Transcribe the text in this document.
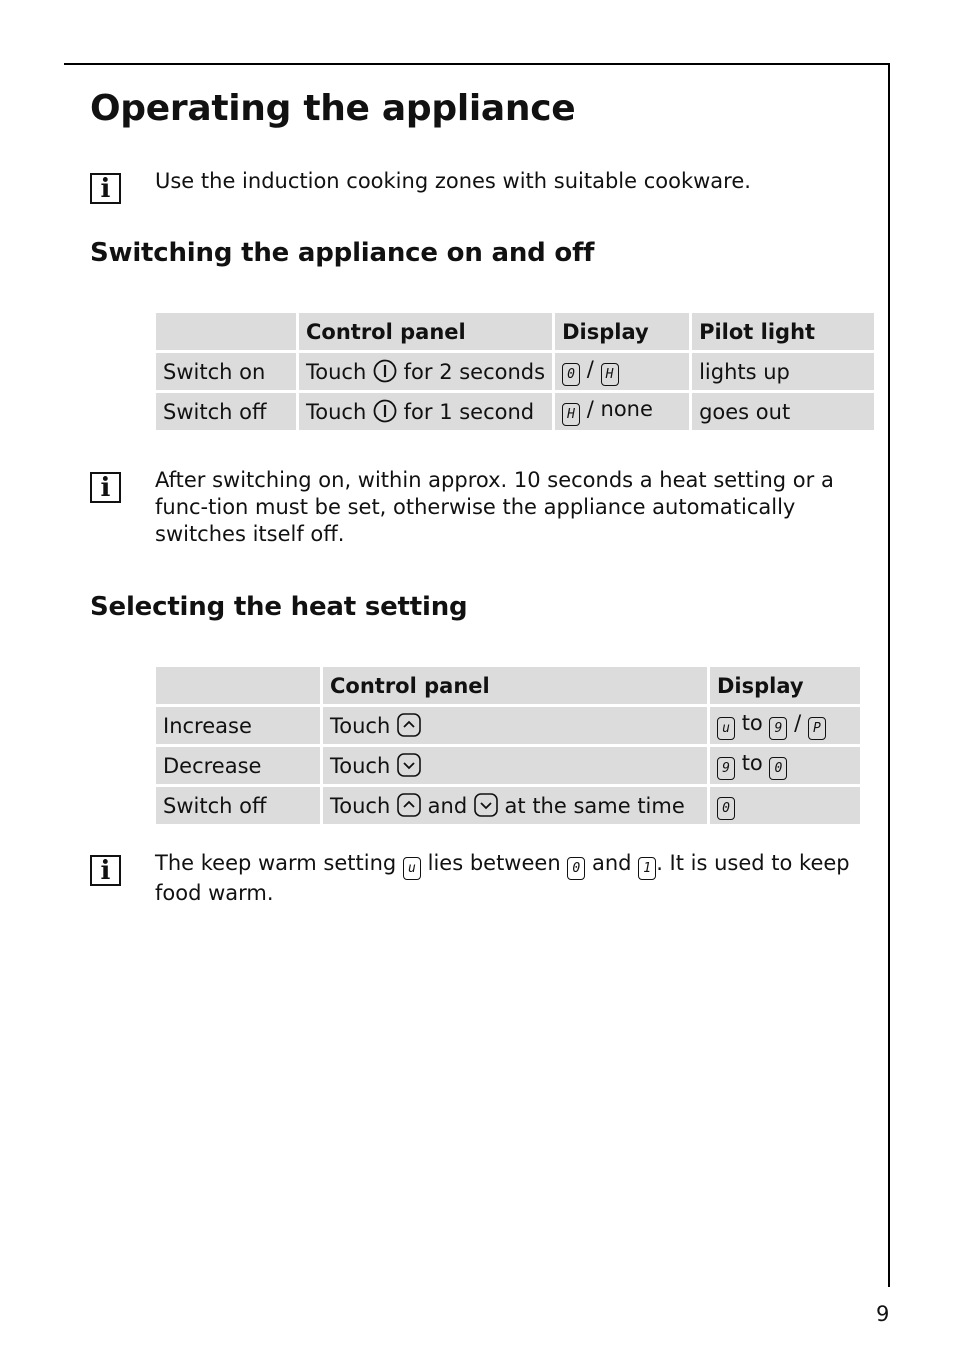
Operating the appliance
i	Use the induction cooking zones with suitable cookware.

Switching the appliance on and off
	Control panel	Display	Pilot light
Switch on	Touch for 2 seconds	0 / H	lights up
Switch off	Touch for 1 second	H / none	goes out
i	After switching on, within approx. 10 seconds a heat setting or a func-tion must be set, otherwise the appliance automatically switches itself off.

Selecting the heat setting
	Control panel	Display
Increase	Touch	u to 9 / P
Decrease	Touch	9 to 0
Switch off	Touch and at the same time	0
i	The keep warm setting u lies between 0 and 1 . It is used to keep food warm.

9
